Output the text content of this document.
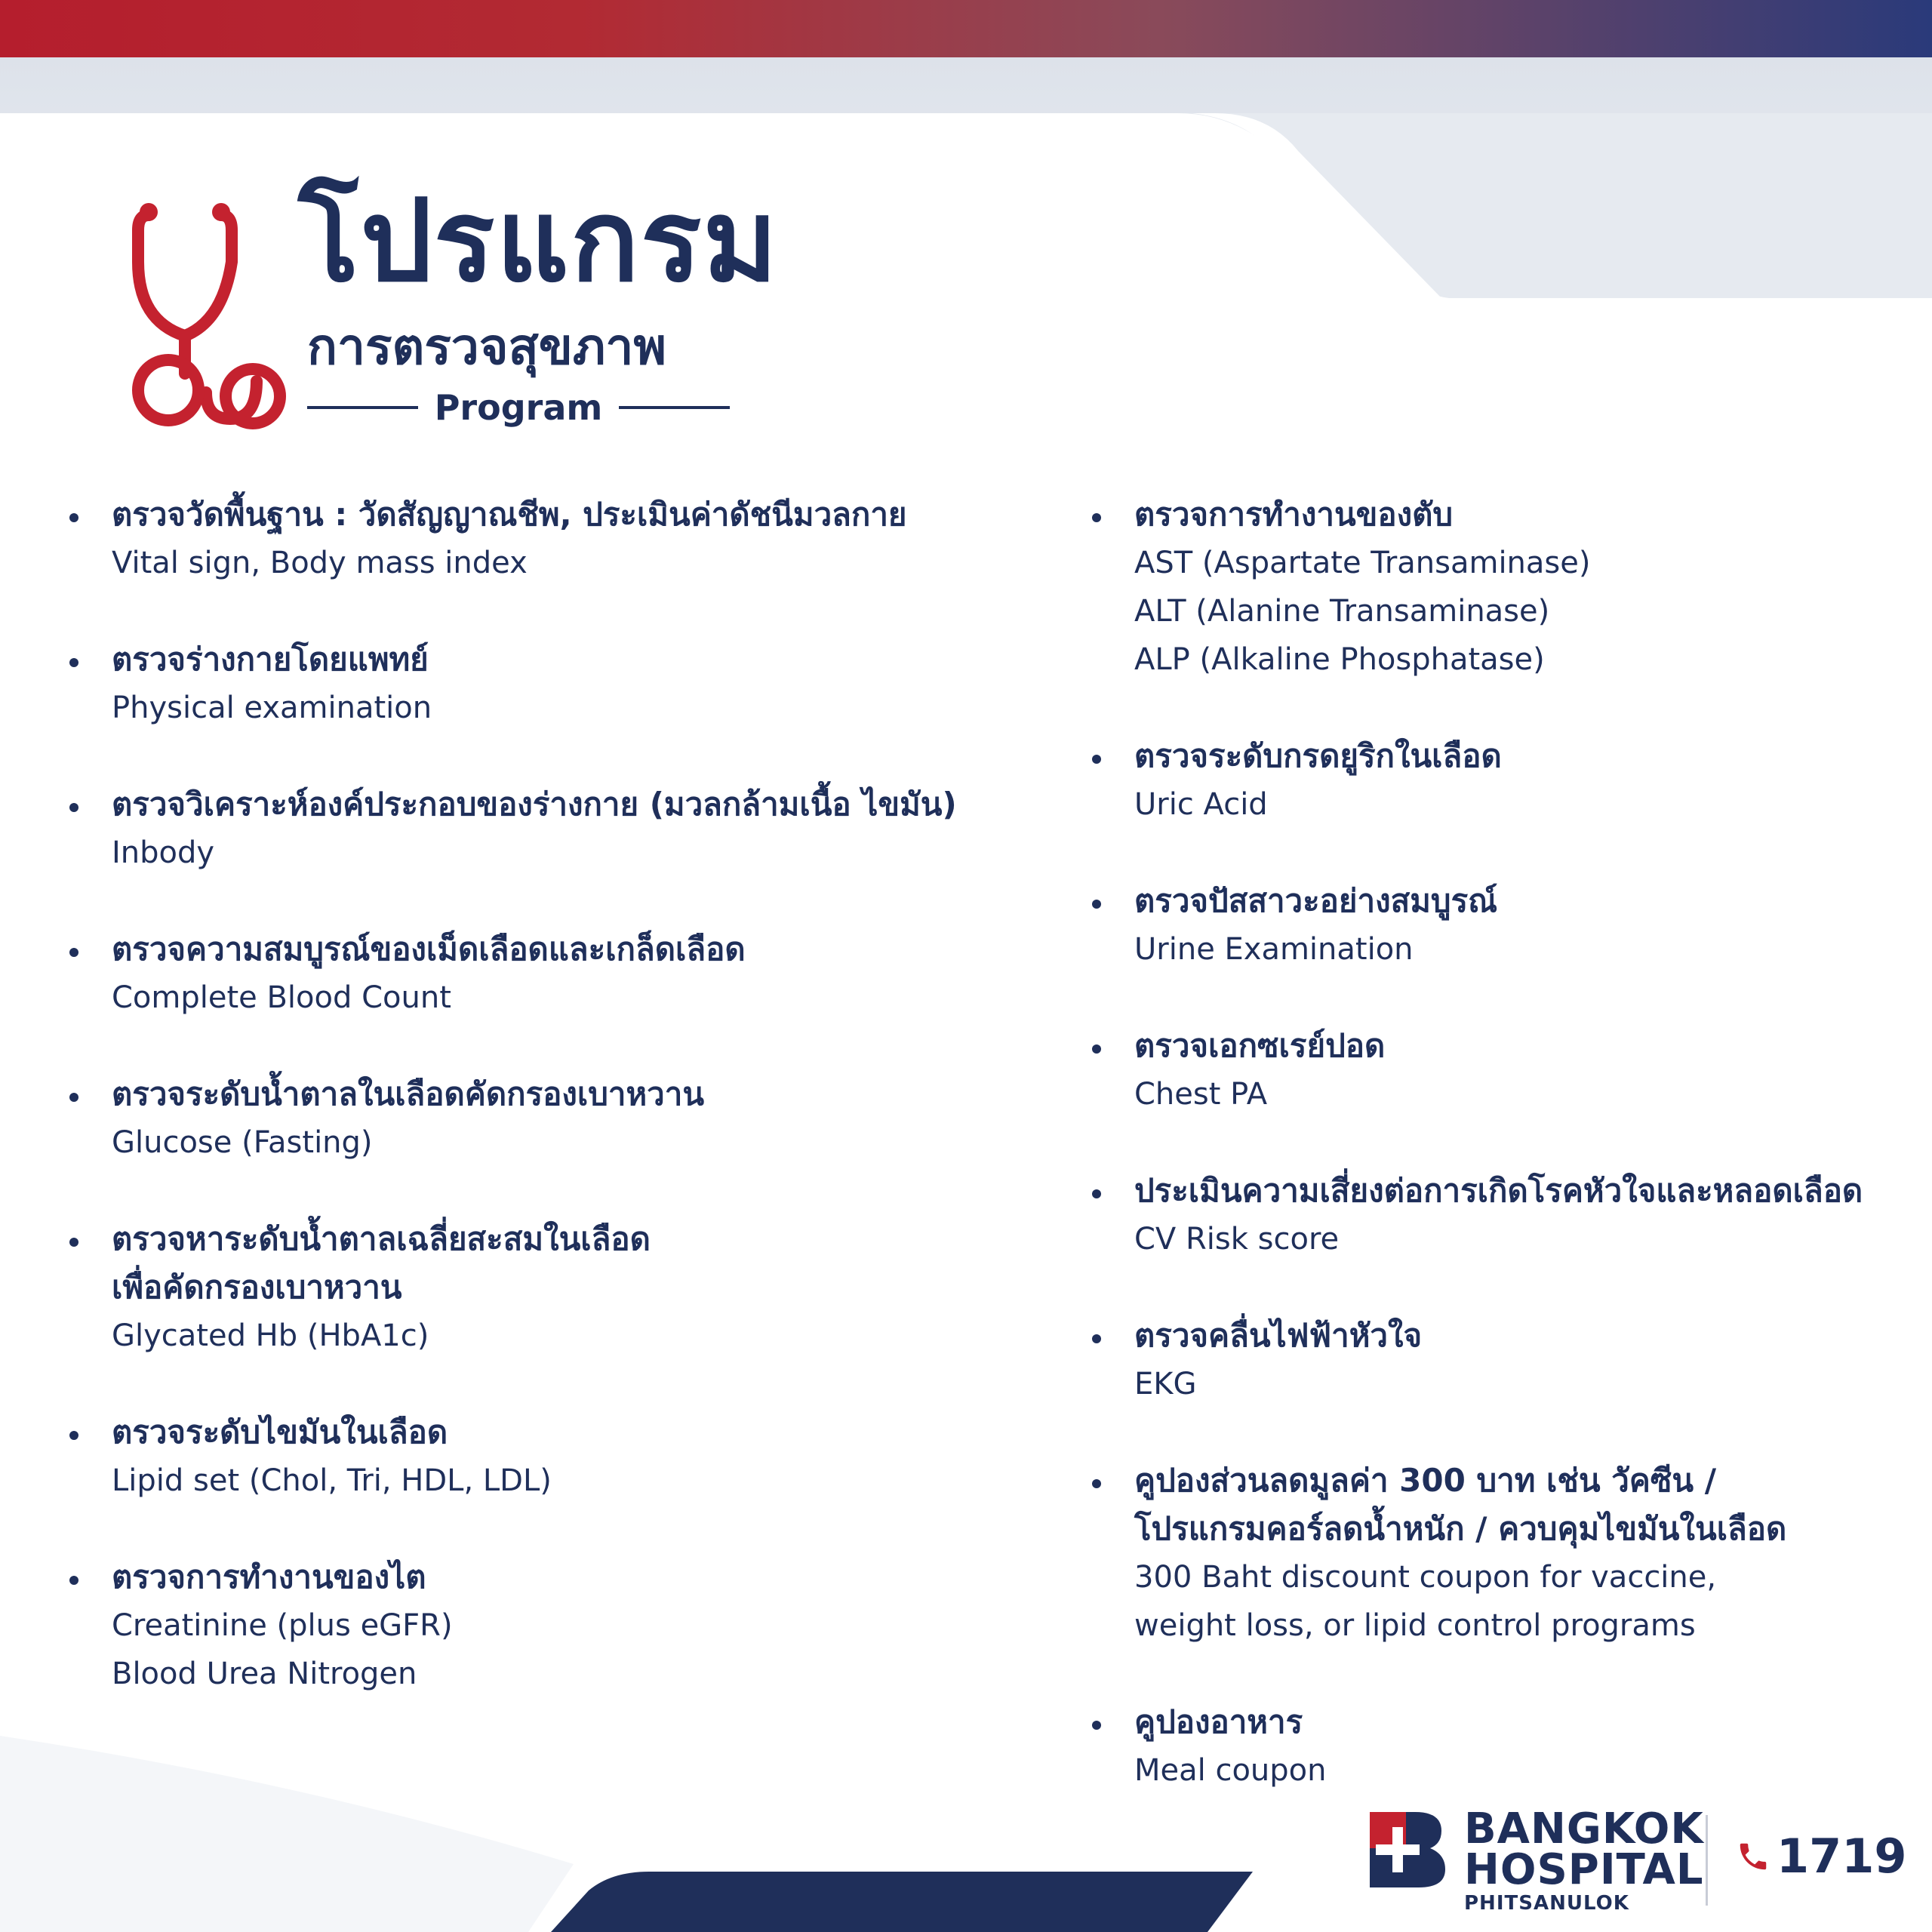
โปรแกรม

การตรวจสุขภาพ

Program

ตรวจวัดพื้นฐาน : วัดสัญญาณชีพ, ประเมินค่าดัชนีมวลกาย

Vital sign, Body mass index

ตรวจร่างกายโดยแพทย์

Physical examination

ตรวจวิเคราะห์องค์ประกอบของร่างกาย (มวลกล้ามเนื้อ ไขมัน)

Inbody

ตรวจความสมบูรณ์ของเม็ดเลือดและเกล็ดเลือด

Complete Blood Count

ตรวจระดับน้ำตาลในเลือดคัดกรองเบาหวาน

Glucose (Fasting)

ตรวจหาระดับน้ำตาลเฉลี่ยสะสมในเลือด

เพื่อคัดกรองเบาหวาน

Glycated Hb (HbA1c)

ตรวจระดับไขมันในเลือด

Lipid set (Chol, Tri, HDL, LDL)

ตรวจการทำงานของไต

Creatinine (plus eGFR)

Blood Urea Nitrogen

ตรวจการทำงานของตับ

AST (Aspartate Transaminase)

ALT (Alanine Transaminase)

ALP (Alkaline Phosphatase)

ตรวจระดับกรดยูริกในเลือด

Uric Acid

ตรวจปัสสาวะอย่างสมบูรณ์

Urine Examination

ตรวจเอกซเรย์ปอด

Chest PA

ประเมินความเสี่ยงต่อการเกิดโรคหัวใจและหลอดเลือด

CV Risk score

ตรวจคลื่นไฟฟ้าหัวใจ

EKG

คูปองส่วนลดมูลค่า 300 บาท เช่น วัคซีน /

โปรแกรมคอร์ลดน้ำหนัก / ควบคุมไขมันในเลือด

300 Baht discount coupon for vaccine,

weight loss, or lipid control programs

คูปองอาหาร

Meal coupon

BANGKOK
HOSPITAL

PHITSANULOK

1719
